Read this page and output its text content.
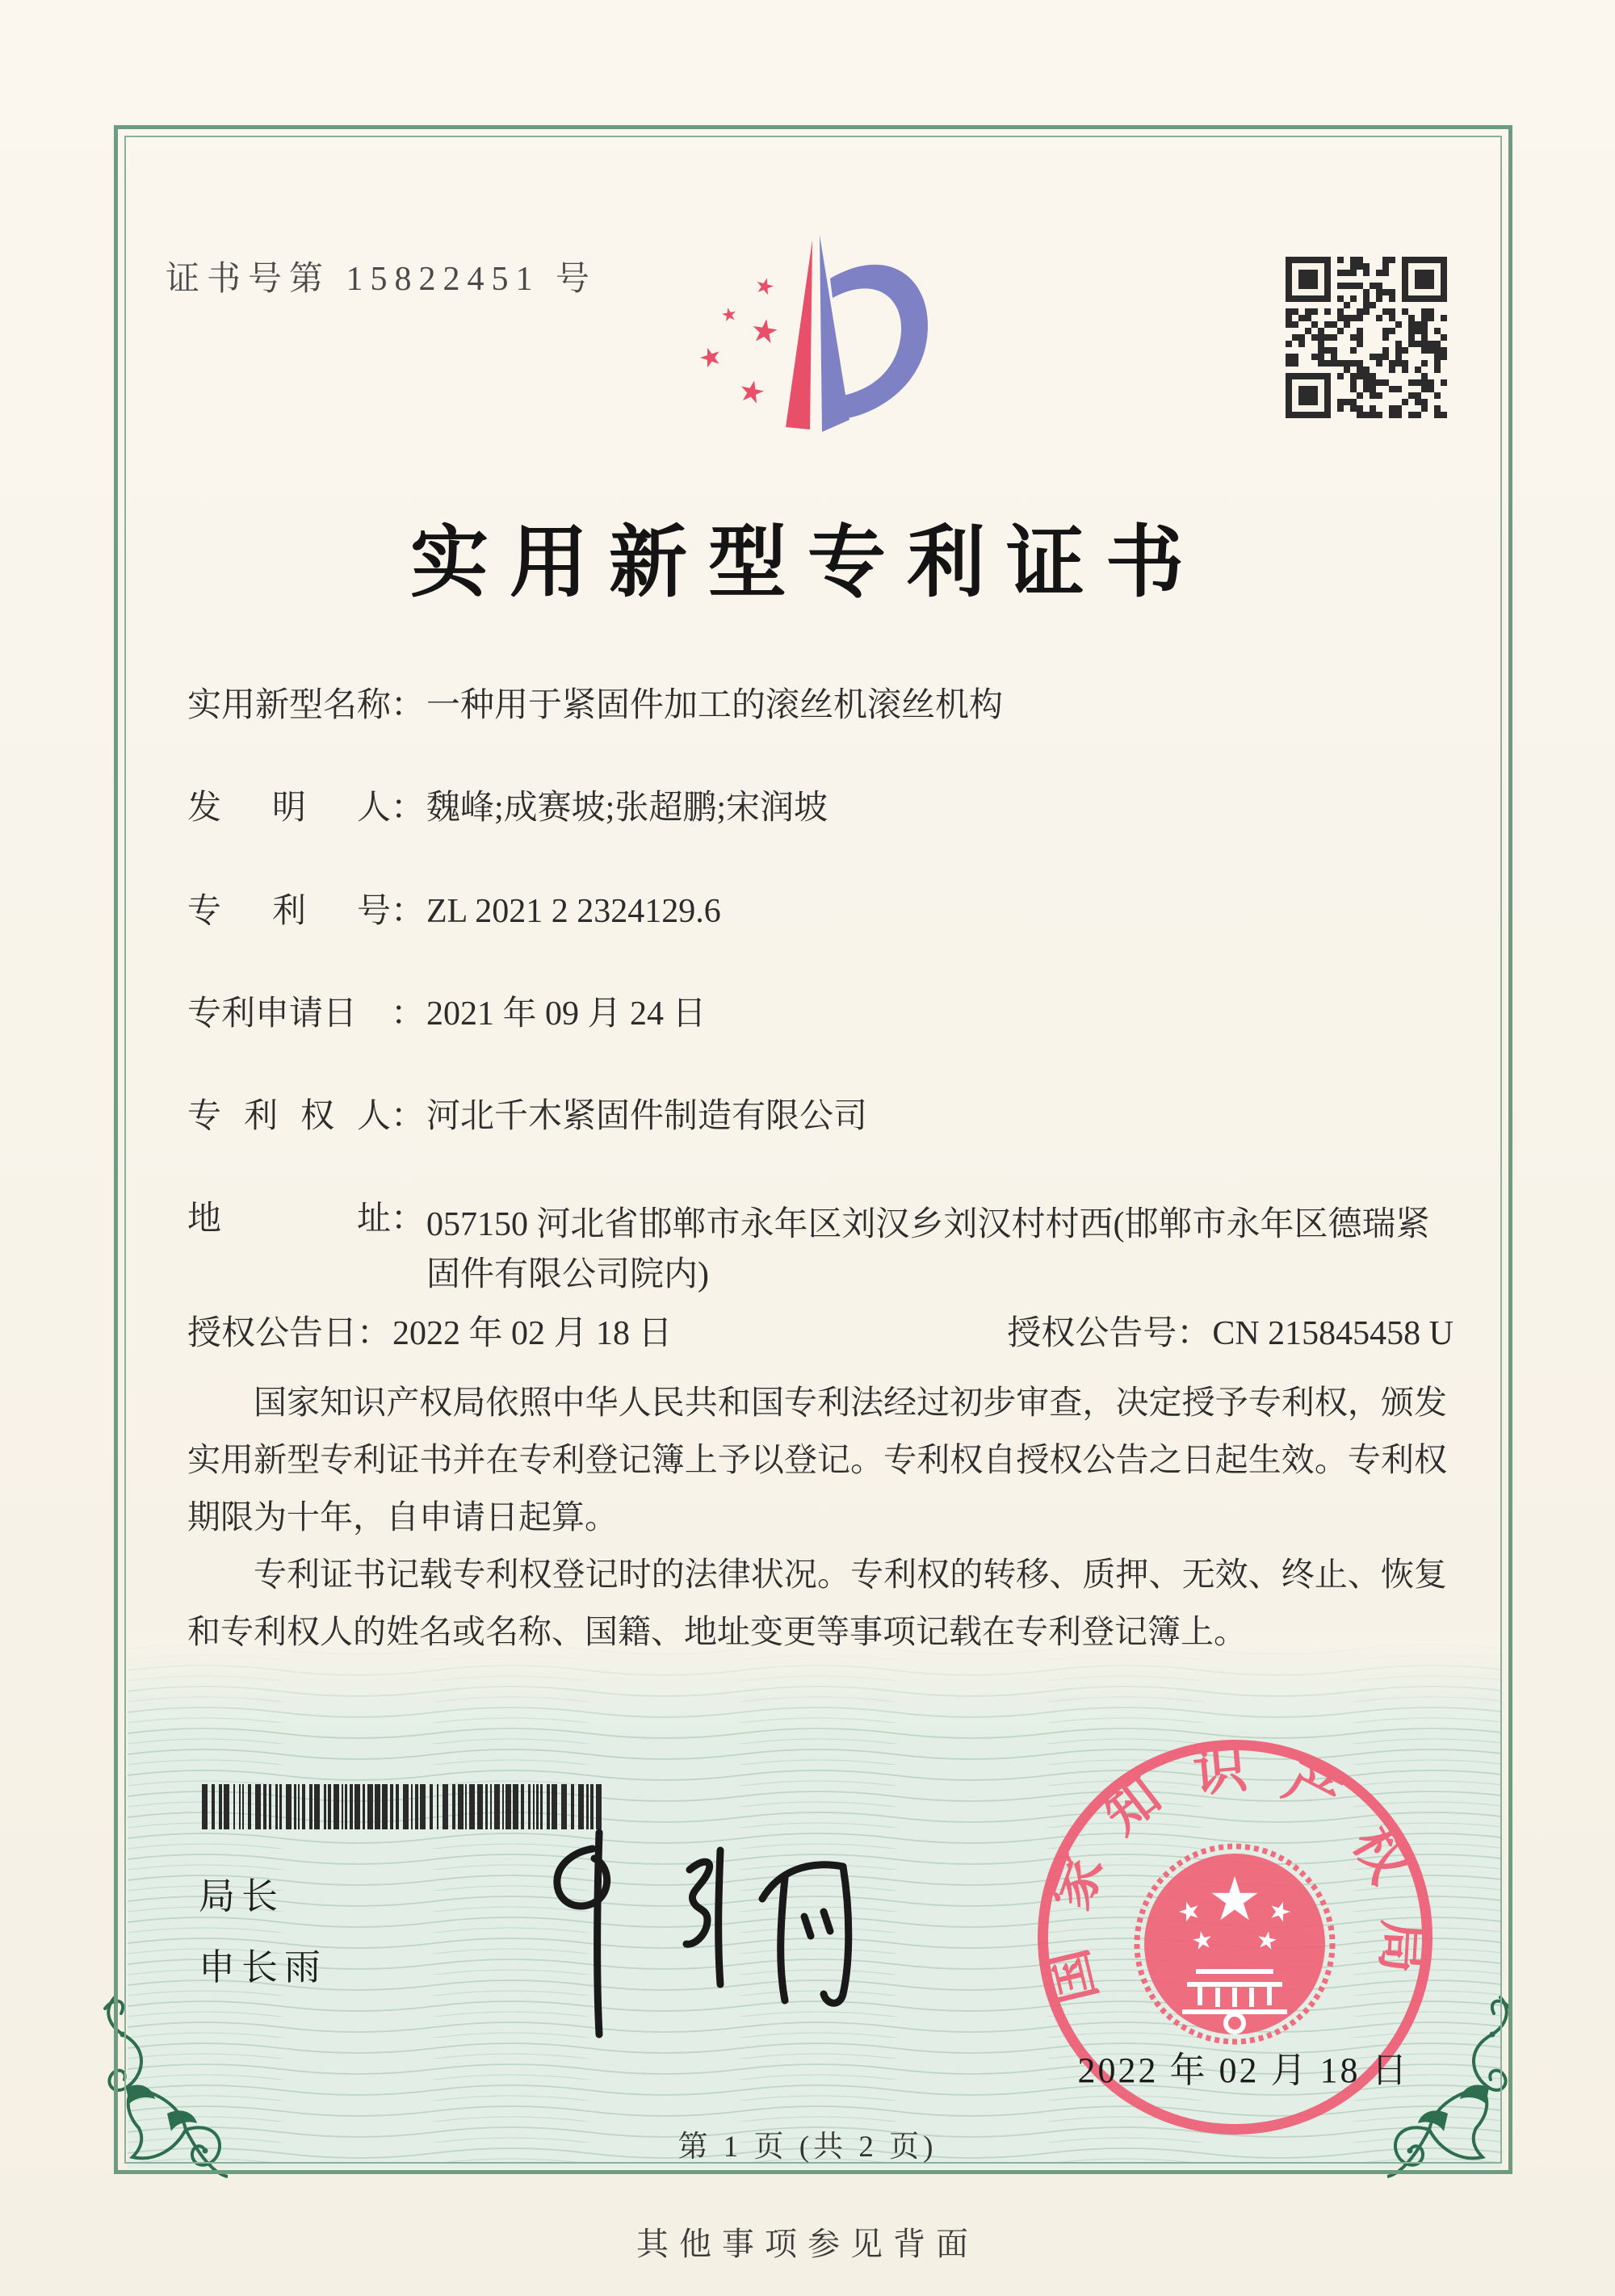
证书号第 15822451 号
实用新型专利证书
实用新型名称 ： 一种用于紧固件加工的滚丝机滚丝机构
发明人 ： 魏峰;成赛坡;张超鹏;宋润坡
专利号 ： ZL 2021 2 2324129.6
专利申请日 ： 2021 年 09 月 24 日
专利权人 ： 河北千木紧固件制造有限公司
地址 ： 057150 河北省邯郸市永年区刘汉乡刘汉村村西(邯郸市永年区德瑞紧固件有限公司院内)
授权公告日 ： 2022 年 02 月 18 日	授权公告号 ： CN 215845458 U

国家知识产权局依照中华人民共和国专利法经过初步审查，决定授予专利权，颁发实用新型专利证书并在专利登记簿上予以登记。专利权自授权公告之日起生效。专利权期限为十年，自申请日起算。

专利证书记载专利权登记时的法律状况。专利权的转移、质押、无效、终止、恢复和专利权人的姓名或名称、国籍、地址变更等事项记载在专利登记簿上。

局长
申长雨	国家知识产权局
2022 年 02 月 18 日
第 1 页 (共 2 页)
其他事项参见背面
